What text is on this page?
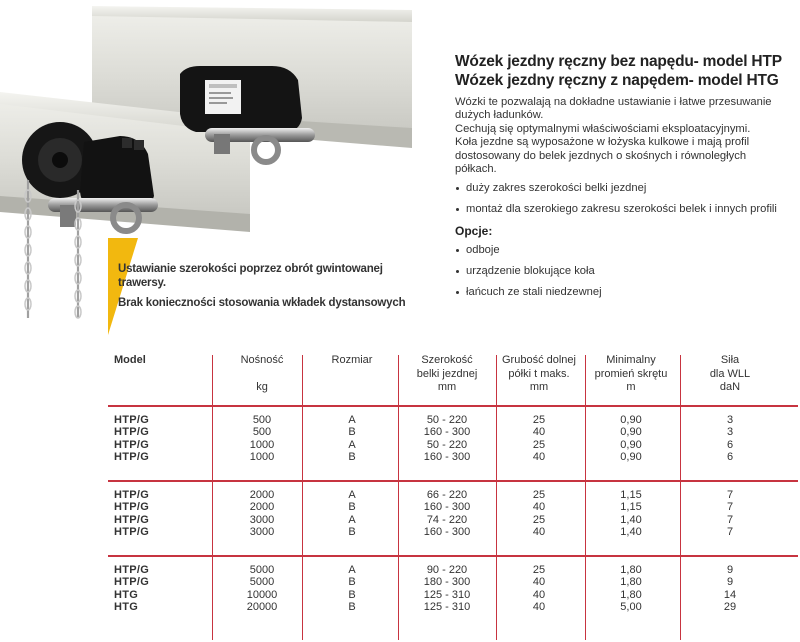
Ustawianie szerokości poprzez obrót gwintowanej trawersy.

Brak konieczności stosowania wkładek dystansowych

Wózek jezdny ręczny bez napędu- model HTP
Wózek jezdny ręczny z napędem- model HTG
Wózki te pozwalają na dokładne ustawianie i łatwe przesuwanie
dużych ładunków.
Cechują się optymalnymi właściwościami eksploatacyjnymi.
Koła jezdne są wyposażone w łożyska kulkowe i mają profil
dostosowany do belek jezdnych o skośnych i równoległych
półkach.
duży zakres szerokości belki jezdnej
montaż dla szerokiego zakresu szerokości belek i innych profili
Opcje:
odboje
urządzenie blokujące koła
łańcuch ze stali niedzewnej
Model	Nośność

kg
Rozmiar	Szerokość
belki jezdnej
mm
Grubość dolnej
półki t maks.
mm
Minimalny
promień skrętu
m
Siła
dla WLL
daN
HTP/G	500	A	50 - 220	25	0,90	3
HTP/G	500	B	160 - 300	40	0,90	3
HTP/G	1000	A	50 - 220	25	0,90	6
HTP/G	1000	B	160 - 300	40	0,90	6
HTP/G	2000	A	66 - 220	25	1,15	7
HTP/G	2000	B	160 - 300	40	1,15	7
HTP/G	3000	A	74 - 220	25	1,40	7
HTP/G	3000	B	160 - 300	40	1,40	7
HTP/G	5000	A	90 - 220	25	1,80	9
HTP/G	5000	B	180 - 300	40	1,80	9
HTG	10000	B	125 - 310	40	1,80	14
HTG	20000	B	125 - 310	40	5,00	29
